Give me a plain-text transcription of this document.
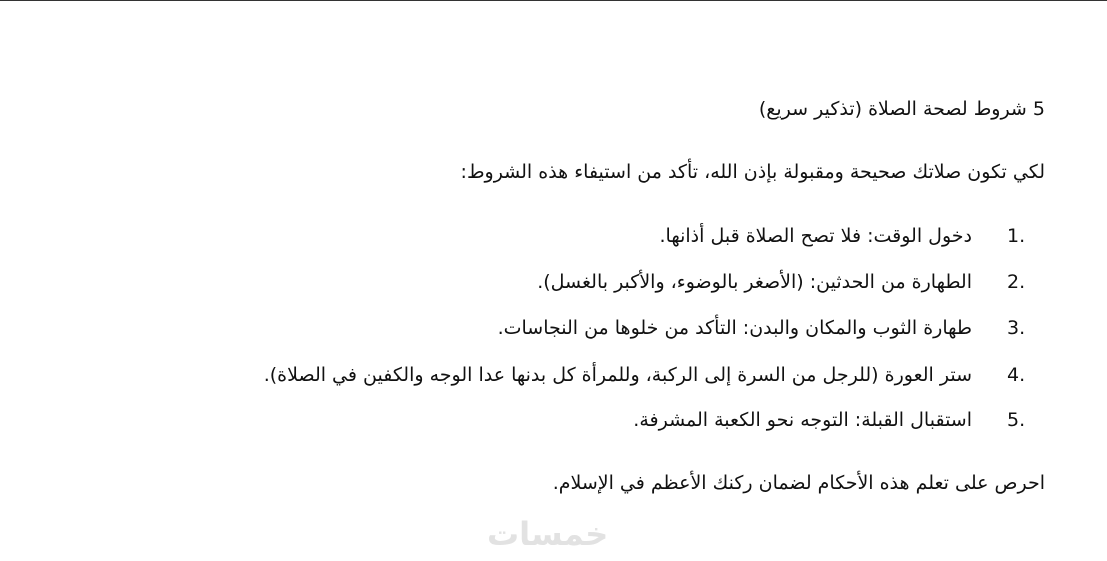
5 شروط لصحة الصلاة (تذكير سريع)

لكي تكون صلاتك صحيحة ومقبولة بإذن الله، تأكد من استيفاء هذه الشروط:

1.
دخول الوقت: فلا تصح الصلاة قبل أذانها.
2.
الطهارة من الحدثين: (الأصغر بالوضوء، والأكبر بالغسل).
3.
طهارة الثوب والمكان والبدن: التأكد من خلوها من النجاسات.
4.
ستر العورة (للرجل من السرة إلى الركبة، وللمرأة كل بدنها عدا الوجه والكفين في الصلاة).
5.
استقبال القبلة: التوجه نحو الكعبة المشرفة.

احرص على تعلم هذه الأحكام لضمان ركنك الأعظم في الإسلام.

خمسات
